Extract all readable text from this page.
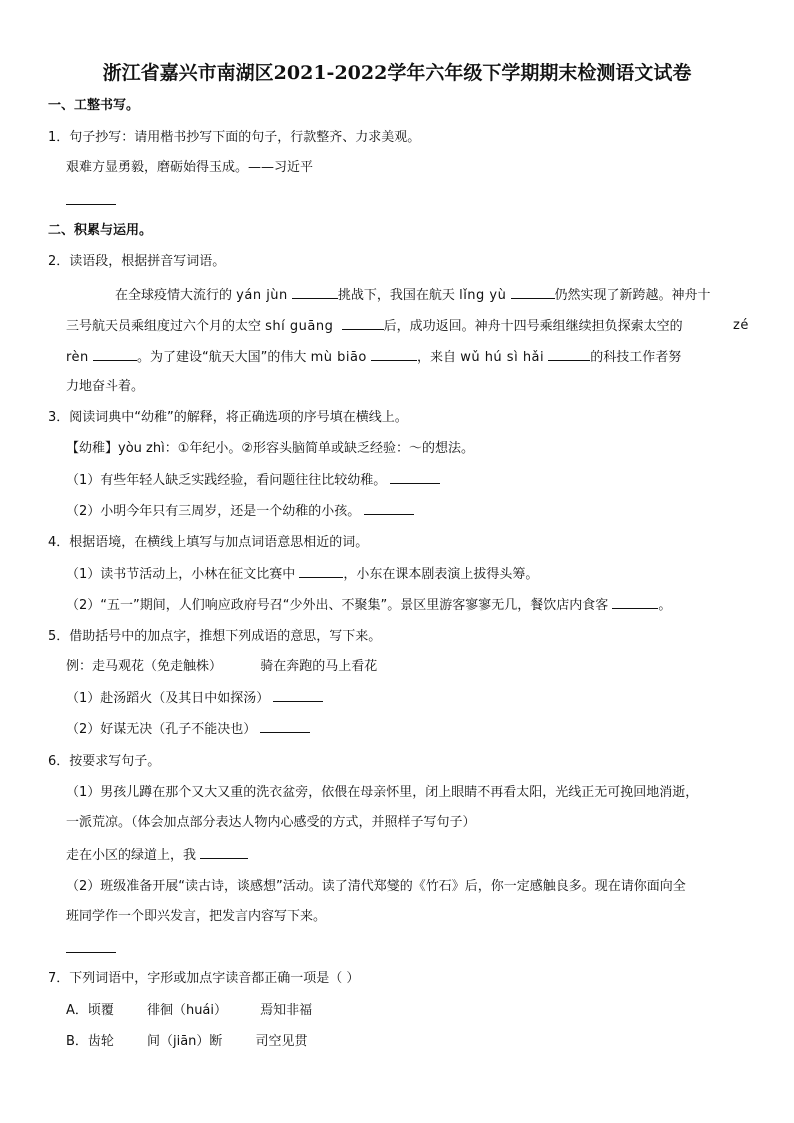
浙江省嘉兴市南湖区2021-2022学年六年级下学期期末检测语文试卷
一、工整书写。
1．句子抄写：请用楷书抄写下面的句子，行款整齐、力求美观。
艰难方显勇毅，磨砺始得玉成。——习近平
二、积累与运用。
2．读语段，根据拼音写词语。
在全球疫情大流行的 yán jùn	挑战下，我国在航天 lǐng yù	仍然实现了新跨越。神舟十
三号航天员乘组度过六个月的太空 shí guāng	后，成功返回。神舟十四号乘组继续担负探索太空的	zé
rèn	。为了建设“航天大国”的伟大 mù biāo	，来自 wǔ hú sì hǎi	的科技工作者努
力地奋斗着。
3．阅读词典中“幼稚”的解释，将正确选项的序号填在横线上。
【幼稚】yòu zhì：①年纪小。②形容头脑简单或缺乏经验：～的想法。
（1）有些年轻人缺乏实践经验，看问题往往比较幼稚。
（2）小明今年只有三周岁，还是一个幼稚的小孩。
4．根据语境，在横线上填写与加点词语意思相近的词。
（1）读书节活动上，小林在征文比赛中	，小东在课本剧表演上拔得头筹。
（2）“五一”期间，人们响应政府号召“少外出、不聚集”。景区里游客寥寥无几，餐饮店内食客	。
5．借助括号中的加点字，推想下列成语的意思，写下来。
例：走马观花（免走触株）	骑在奔跑的马上看花
（1）赴汤蹈火（及其日中如探汤）
（2）好谋无决（孔子不能决也）
6．按要求写句子。
（1）男孩儿蹲在那个又大又重的洗衣盆旁，依偎在母亲怀里，闭上眼睛不再看太阳，光线正无可挽回地消逝，
一派荒凉。（体会加点部分表达人物内心感受的方式，并照样子写句子）
走在小区的绿道上，我
（2）班级准备开展“读古诗，谈感想”活动。读了清代郑燮的《竹石》后，你一定感触良多。现在请你面向全
班同学作一个即兴发言，把发言内容写下来。
7．下列词语中，字形或加点字读音都正确一项是（ ）
A．顷覆        徘徊（huái）        焉知非福
B．齿轮        间（jiān）断        司空见贯
